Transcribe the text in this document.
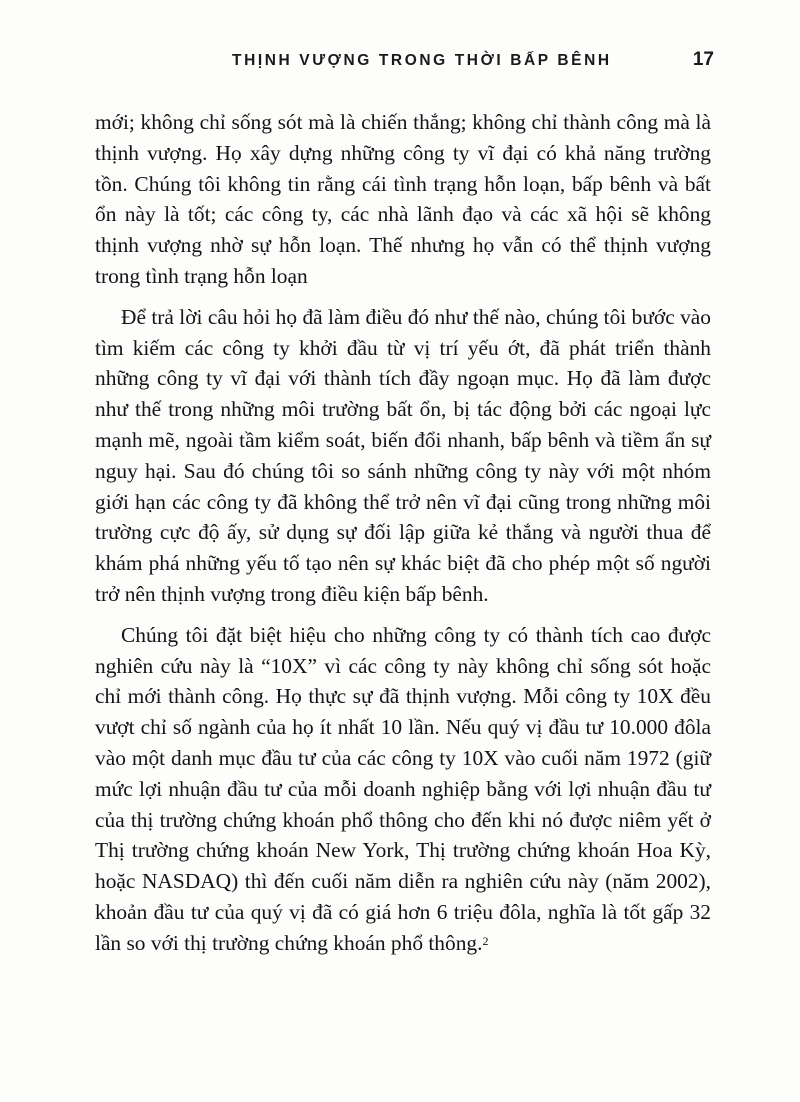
THỊNH VƯỢNG TRONG THỜI BẤP BÊNH	17

mới; không chỉ sống sót mà là chiến thắng; không chỉ thành công mà là thịnh vượng. Họ xây dựng những công ty vĩ đại có khả năng trường tồn. Chúng tôi không tin rằng cái tình trạng hỗn loạn, bấp bênh và bất ổn này là tốt; các công ty, các nhà lãnh đạo và các xã hội sẽ không thịnh vượng nhờ sự hỗn loạn. Thế nhưng họ vẫn có thể thịnh vượng trong tình trạng hỗn loạn

Để trả lời câu hỏi họ đã làm điều đó như thế nào, chúng tôi bước vào tìm kiếm các công ty khởi đầu từ vị trí yếu ớt, đã phát triển thành những công ty vĩ đại với thành tích đầy ngoạn mục. Họ đã làm được như thế trong những môi trường bất ổn, bị tác động bởi các ngoại lực mạnh mẽ, ngoài tầm kiểm soát, biến đổi nhanh, bấp bênh và tiềm ẩn sự nguy hại. Sau đó chúng tôi so sánh những công ty này với một nhóm giới hạn các công ty đã không thể trở nên vĩ đại cũng trong những môi trường cực độ ấy, sử dụng sự đối lập giữa kẻ thắng và người thua để khám phá những yếu tố tạo nên sự khác biệt đã cho phép một số người trở nên thịnh vượng trong điều kiện bấp bênh.

Chúng tôi đặt biệt hiệu cho những công ty có thành tích cao được nghiên cứu này là “10X” vì các công ty này không chỉ sống sót hoặc chỉ mới thành công. Họ thực sự đã thịnh vượng. Mỗi công ty 10X đều vượt chỉ số ngành của họ ít nhất 10 lần. Nếu quý vị đầu tư 10.000 đôla vào một danh mục đầu tư của các công ty 10X vào cuối năm 1972 (giữ mức lợi nhuận đầu tư của mỗi doanh nghiệp bằng với lợi nhuận đầu tư của thị trường chứng khoán phổ thông cho đến khi nó được niêm yết ở Thị trường chứng khoán New York, Thị trường chứng khoán Hoa Kỳ, hoặc NASDAQ) thì đến cuối năm diễn ra nghiên cứu này (năm 2002), khoản đầu tư của quý vị đã có giá hơn 6 triệu đôla, nghĩa là tốt gấp 32 lần so với thị trường chứng khoán phổ thông.$^2$
